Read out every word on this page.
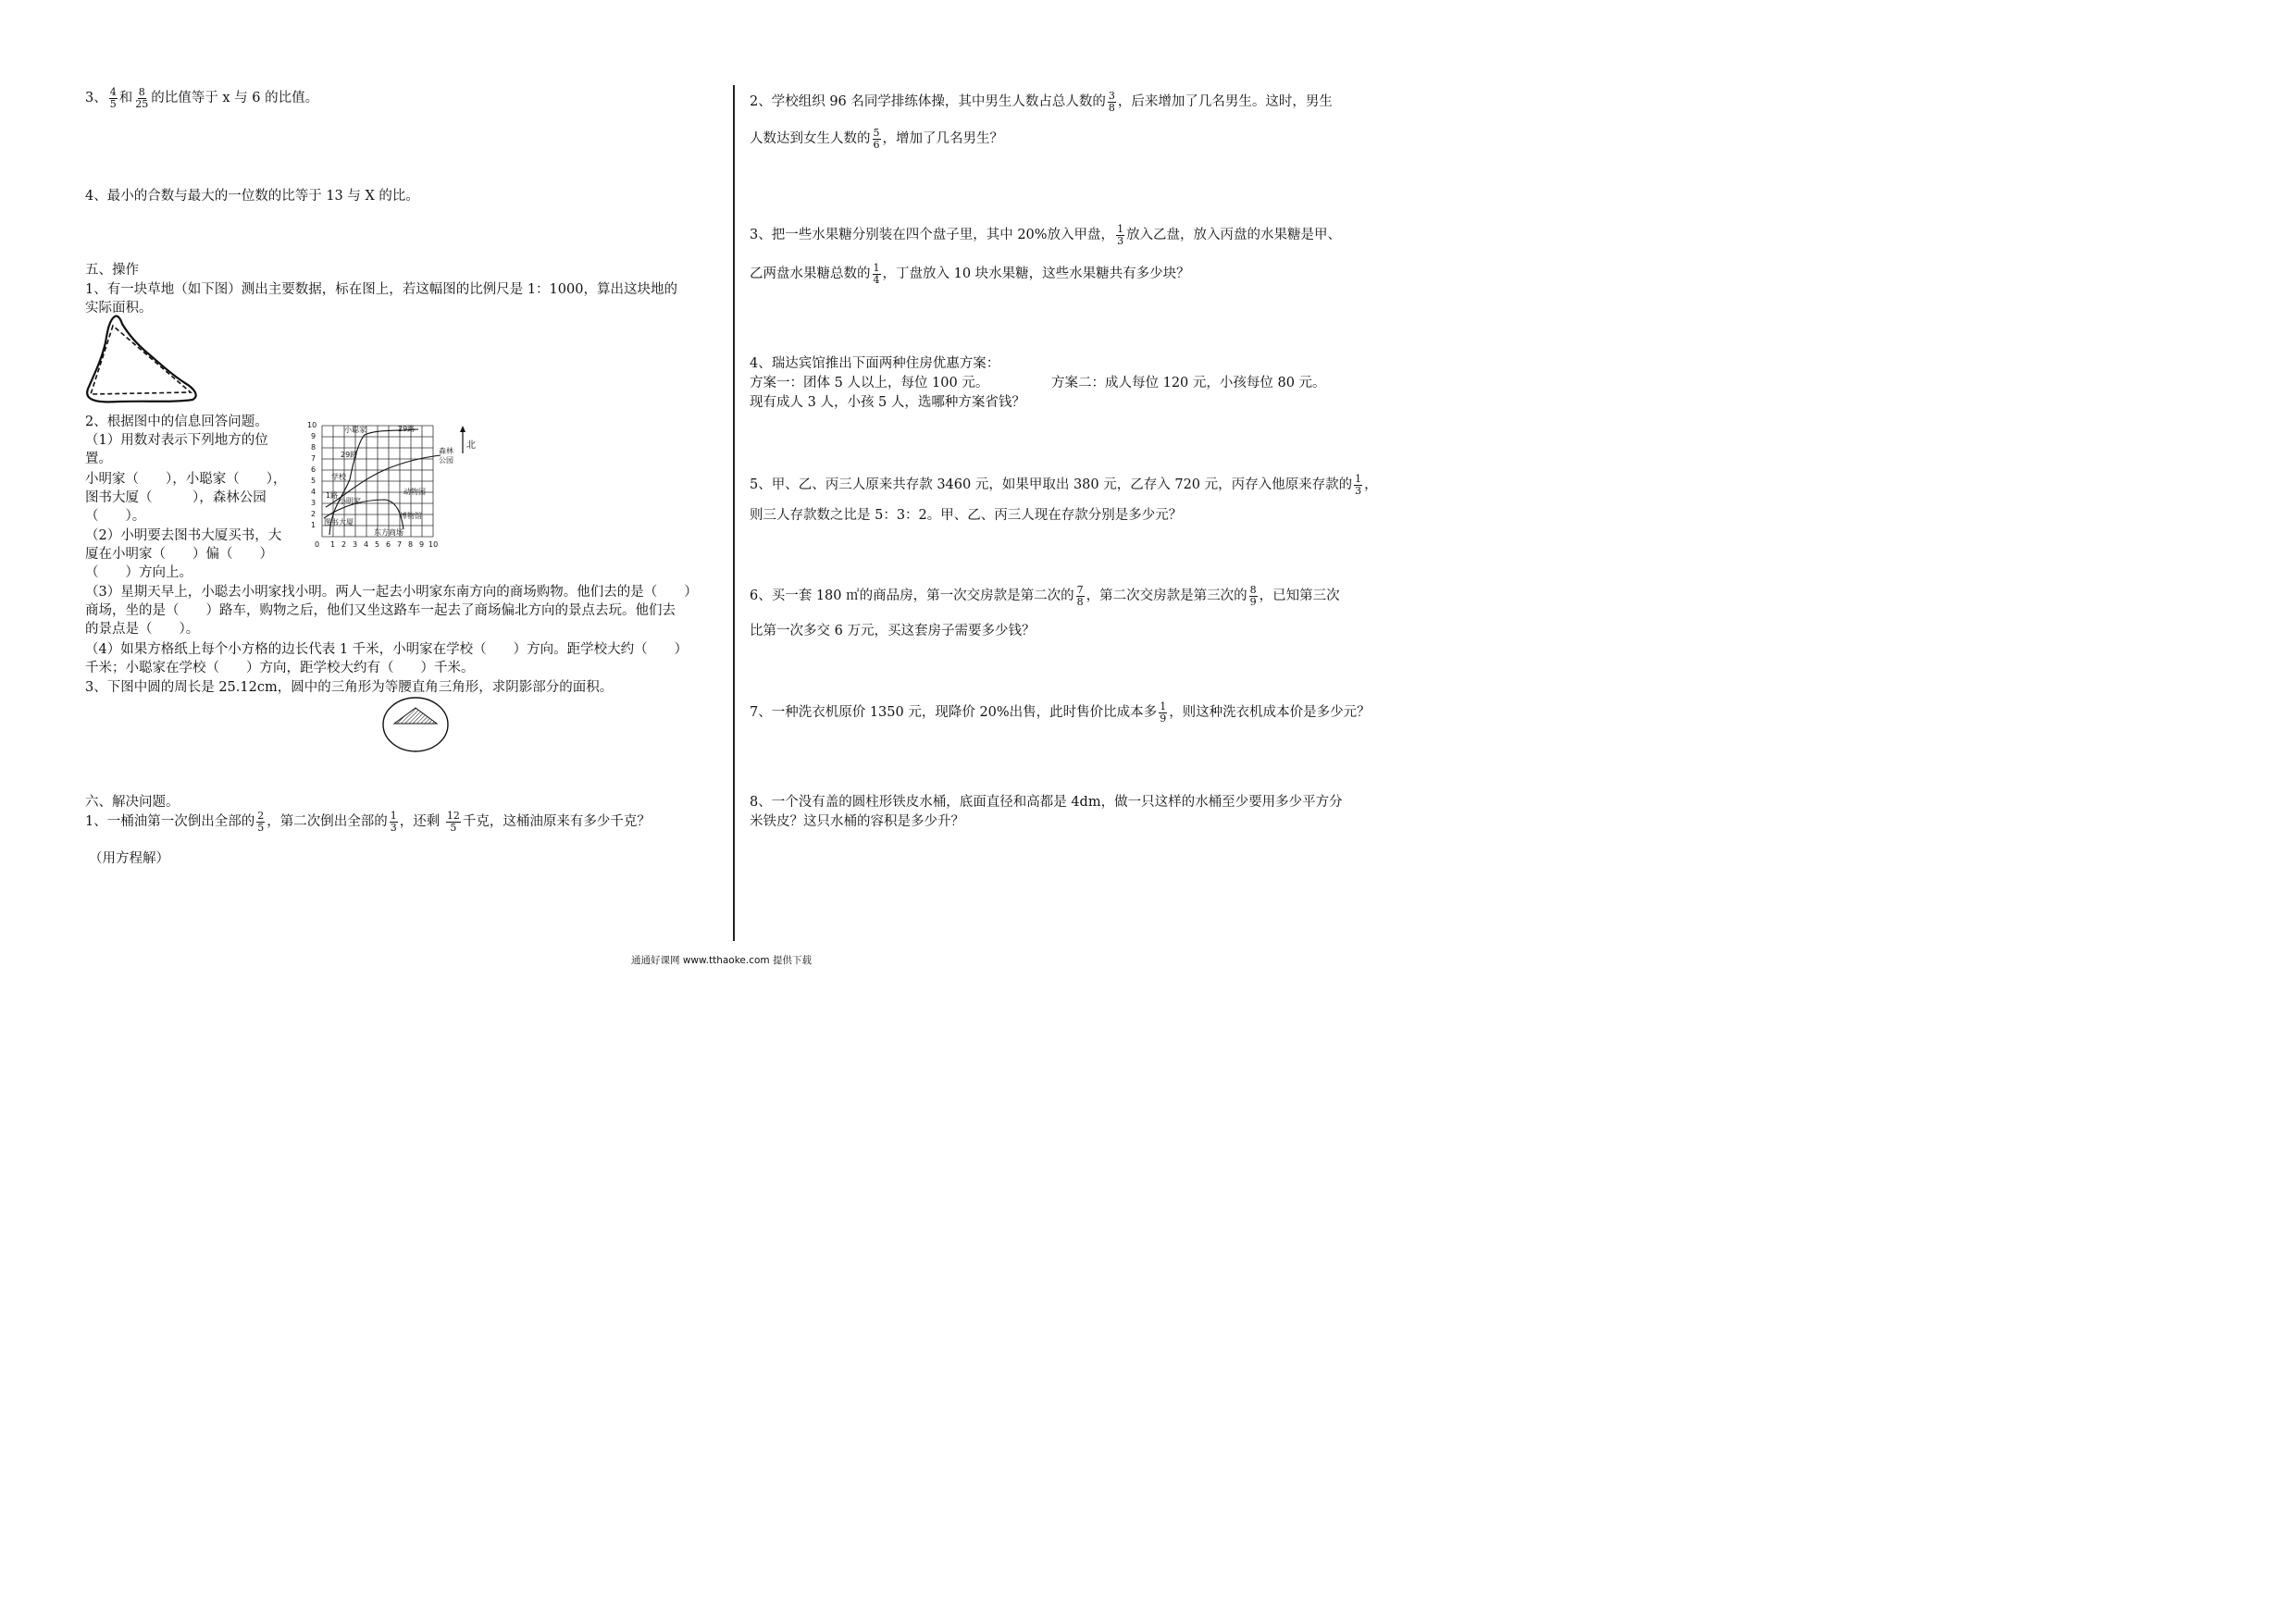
3、 $\frac{4}{5}$ 和 $\frac{8}{25}$ 的比值等于 x 与 6 的比值。
4、最小的合数与最大的一位数的比等于 13 与 X 的比。
五、操作
1、有一块草地（如下图）测出主要数据，标在图上，若这幅图的比例尺是 1：1000，算出这块地的
实际面积。
2、根据图中的信息回答问题。
（1）用数对表示下列地方的位
置。
小明家（　　），小聪家（　　），
图书大厦（　　　），森林公园
（　　）。
（2）小明要去图书大厦买书，大
厦在小明家（　　）偏（　　）
（　　）方向上。
10
9
8
7
6
5
4
3
2
1
0 1 2 3 4 5 6 7 8 9 10
小聪家	29路
29路
学校
1路
小明家
动物园
森林
公园
图书大厦
东方商场
博物馆
北
（3）星期天早上，小聪去小明家找小明。两人一起去小明家东南方向的商场购物。他们去的是（　　）
商场，坐的是（　　）路车，购物之后，他们又坐这路车一起去了商场偏北方向的景点去玩。他们去
的景点是（　　）。
（4）如果方格纸上每个小方格的边长代表 1 千米，小明家在学校（　　）方向。距学校大约（　　）
千米；小聪家在学校（　　）方向，距学校大约有（　　）千米。
3、下图中圆的周长是 25.12cm，圆中的三角形为等腰直角三角形，求阴影部分的面积。
六、解决问题。
1、一桶油第一次倒出全部的 $\frac{2}{5}$ ，第二次倒出全部的 $\frac{1}{3}$ ，还剩 $\frac{12}{5}$ 千克，这桶油原来有多少千克？
（用方程解）
2、学校组织 96 名同学排练体操，其中男生人数占总人数的 $\frac{3}{8}$ ，后来增加了几名男生。这时，男生
人数达到女生人数的 $\frac{5}{6}$ ，增加了几名男生？
3、把一些水果糖分别装在四个盘子里，其中 20%放入甲盘， $\frac{1}{3}$ 放入乙盘，放入丙盘的水果糖是甲、
乙两盘水果糖总数的 $\frac{1}{4}$ ，丁盘放入 10 块水果糖，这些水果糖共有多少块？
4、瑞达宾馆推出下面两种住房优惠方案：
方案一：团体 5 人以上，每位 100 元。	方案二：成人每位 120 元，小孩每位 80 元。
现有成人 3 人，小孩 5 人，选哪种方案省钱？
5、甲、乙、丙三人原来共存款 3460 元，如果甲取出 380 元，乙存入 720 元，丙存入他原来存款的 $\frac{1}{3}$ ，
则三人存款数之比是 5：3：2。甲、乙、丙三人现在存款分别是多少元？
6、买一套 180 ㎡的商品房，第一次交房款是第二次的 $\frac{7}{8}$ ，第二次交房款是第三次的 $\frac{8}{9}$ ，已知第三次
比第一次多交 6 万元，买这套房子需要多少钱？
7、一种洗衣机原价 1350 元，现降价 20%出售，此时售价比成本多 $\frac{1}{9}$ ，则这种洗衣机成本价是多少元？
8、一个没有盖的圆柱形铁皮水桶，底面直径和高都是 4dm，做一只这样的水桶至少要用多少平方分
米铁皮？这只水桶的容积是多少升？
通通好课网 www.tthaoke.com 提供下载
